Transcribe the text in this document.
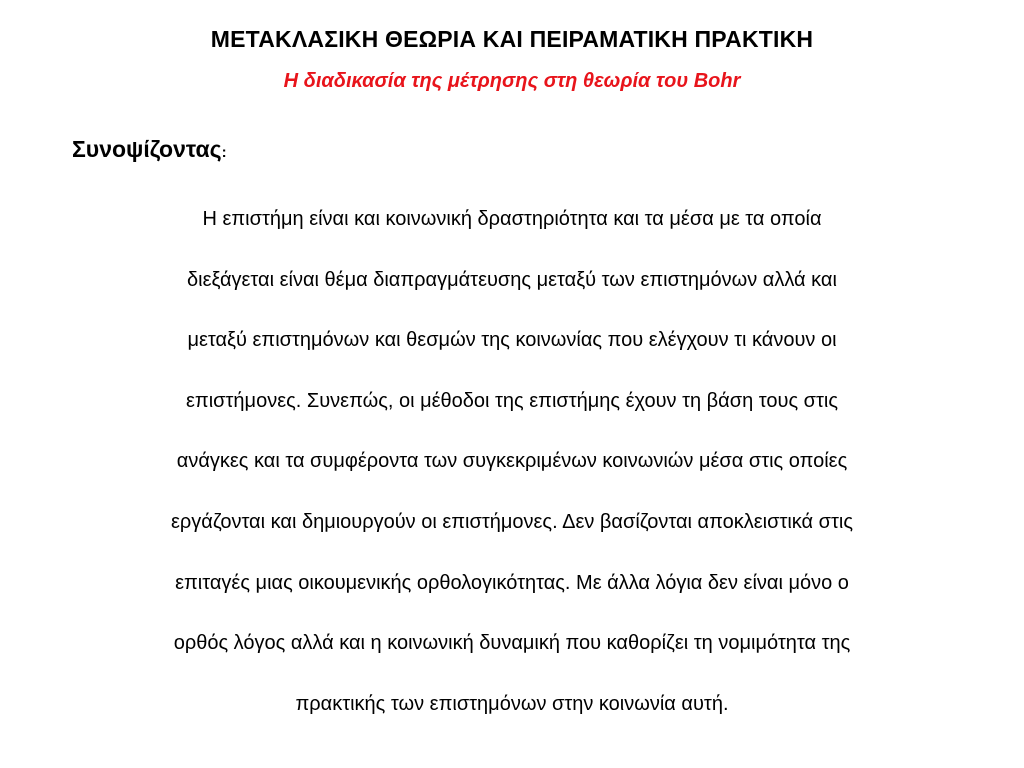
ΜΕΤΑΚΛΑΣΙΚΗ ΘΕΩΡΙΑ ΚΑΙ ΠΕΙΡΑΜΑΤΙΚΗ ΠΡΑΚΤΙΚΗ
Η διαδικασία της μέτρησης στη θεωρία του Bohr
Συνοψίζοντας:

Η επιστήμη είναι και κοινωνική δραστηριότητα και τα μέσα με τα οποία
διεξάγεται είναι θέμα διαπραγμάτευσης μεταξύ των επιστημόνων αλλά και
μεταξύ επιστημόνων και θεσμών της κοινωνίας που ελέγχουν τι κάνουν οι
επιστήμονες. Συνεπώς, οι μέθοδοι της επιστήμης έχουν τη βάση τους στις
ανάγκες και τα συμφέροντα των συγκεκριμένων κοινωνιών μέσα στις οποίες
εργάζονται και δημιουργούν οι επιστήμονες. Δεν βασίζονται αποκλειστικά στις
επιταγές μιας οικουμενικής ορθολογικότητας. Με άλλα λόγια δεν είναι μόνο ο
ορθός λόγος αλλά και η κοινωνική δυναμική που καθορίζει τη νομιμότητα της
πρακτικής των επιστημόνων στην κοινωνία αυτή.
